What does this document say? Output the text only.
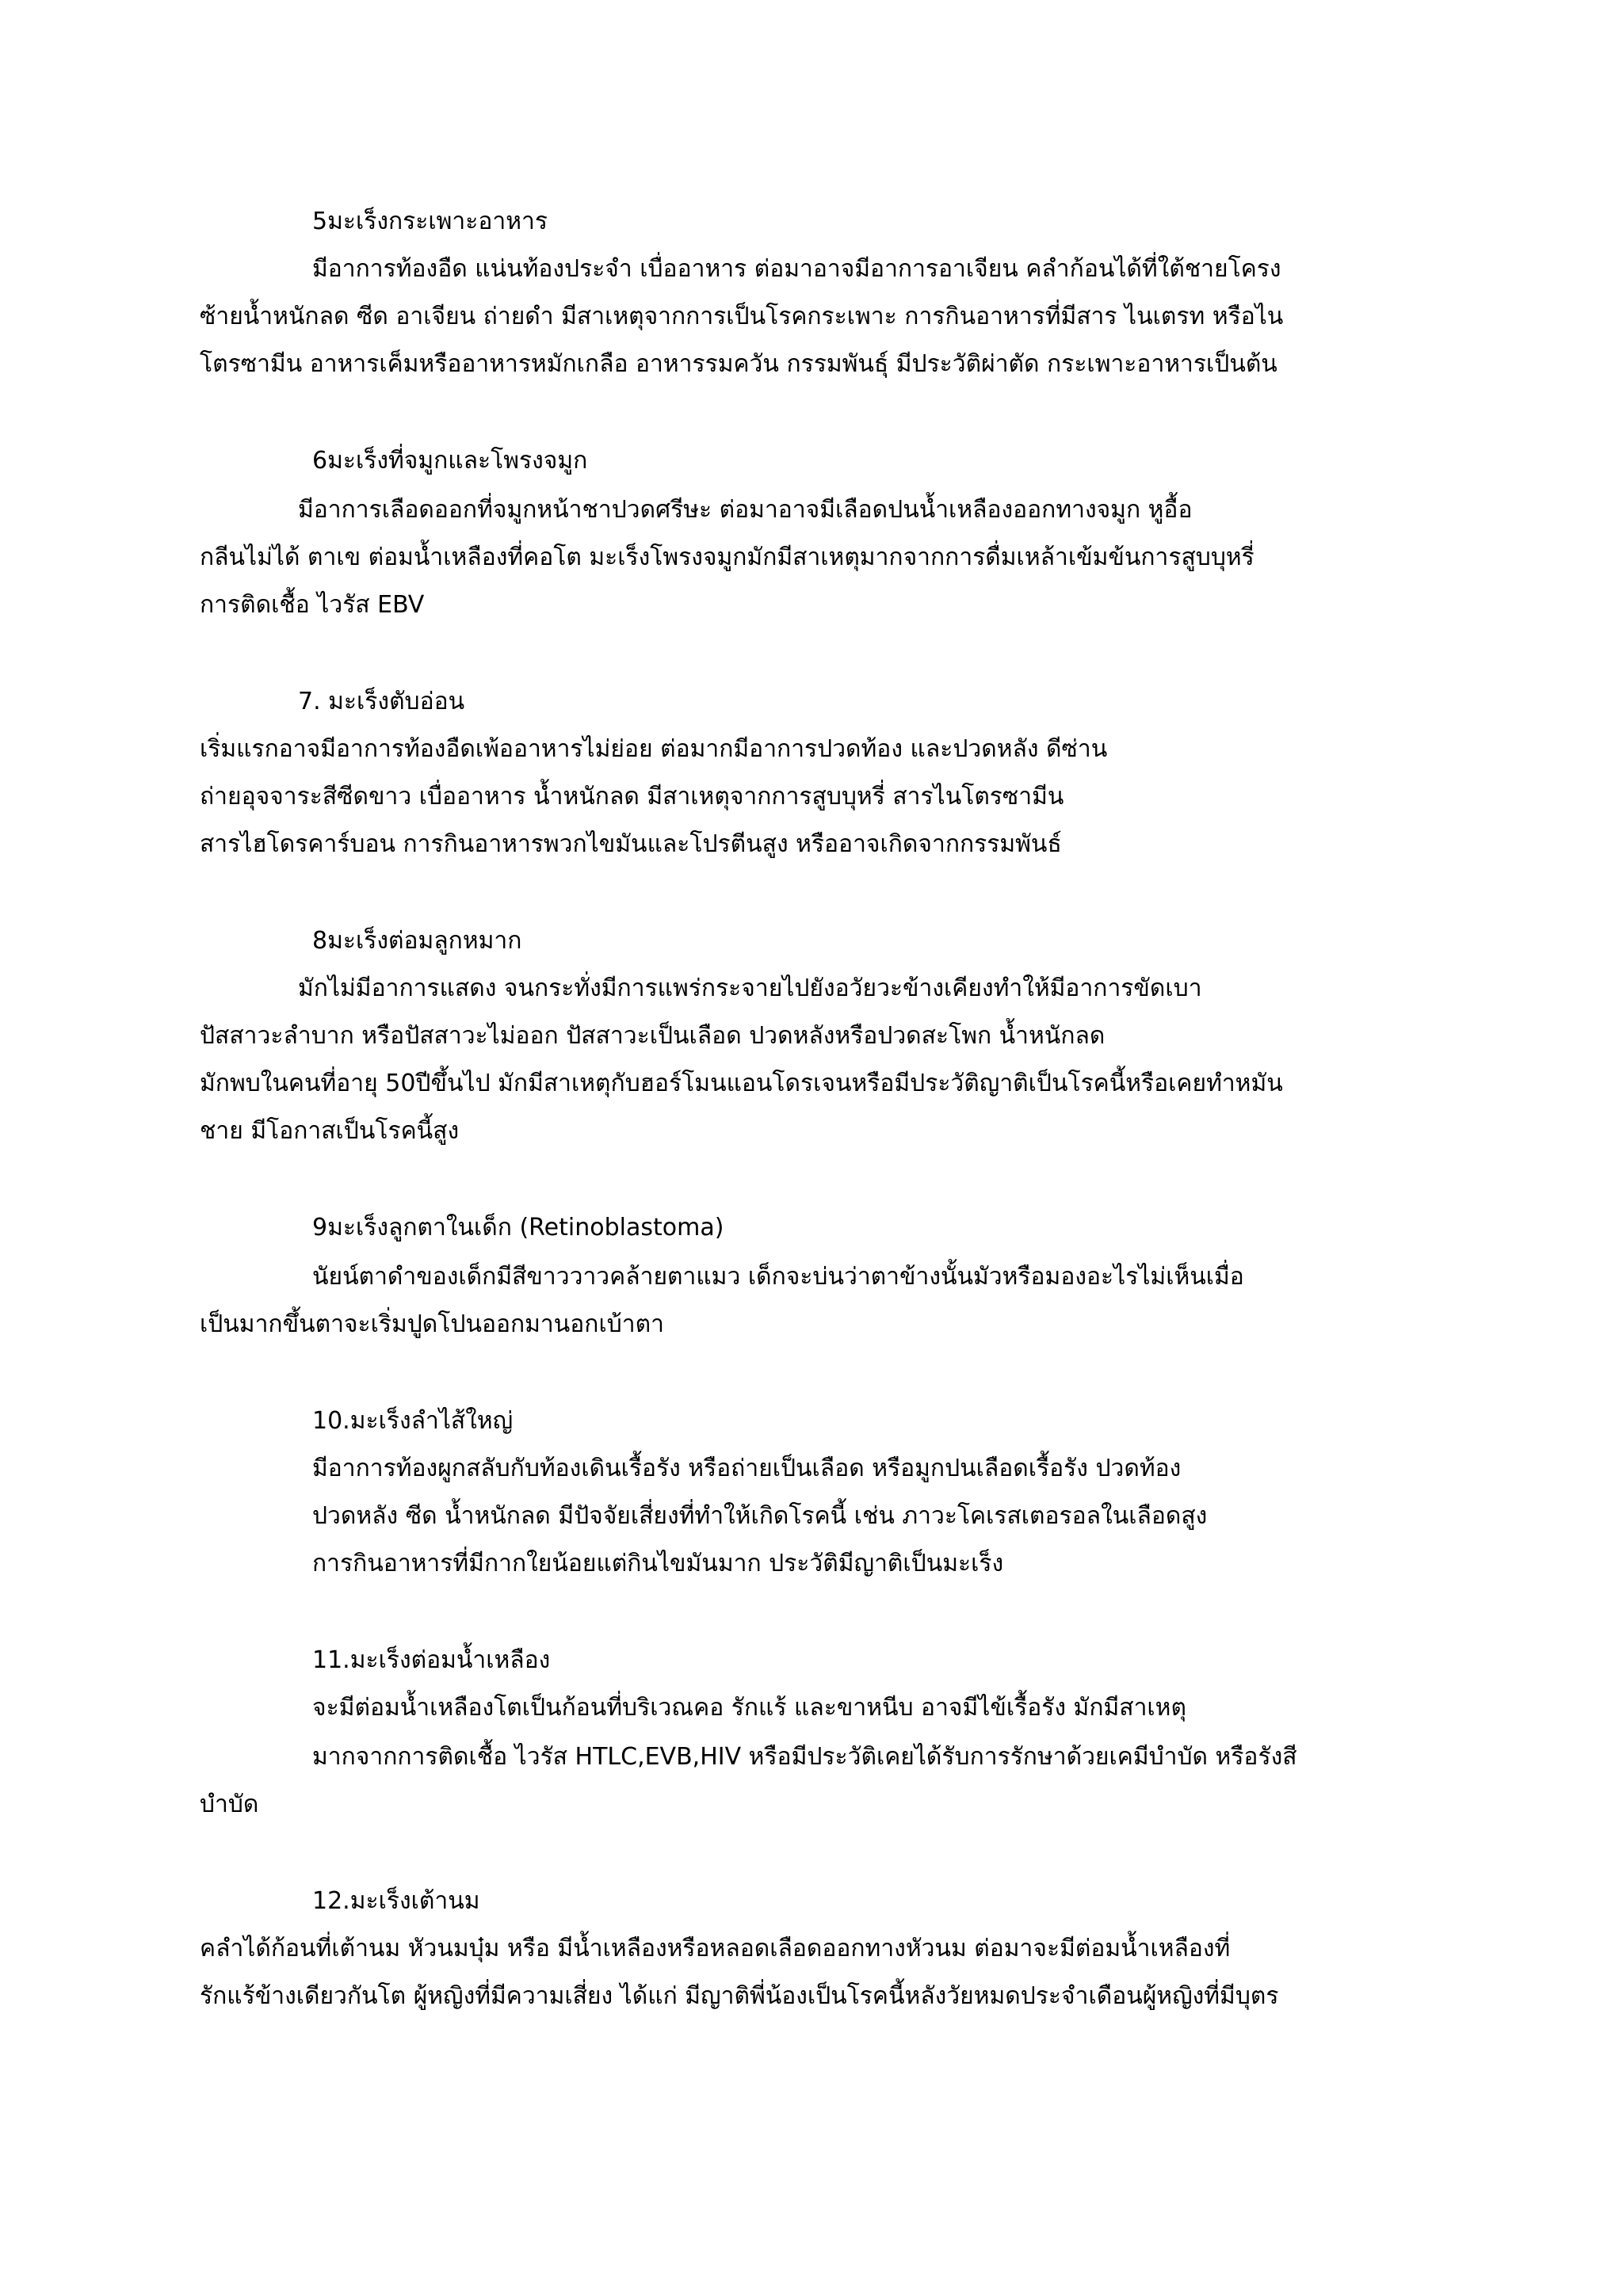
5มะเร็งกระเพาะอาหาร

มีอาการท้องอืด แน่นท้องประจำ เบื่ออาหาร ต่อมาอาจมีอาการอาเจียน คลำก้อนได้ที่ใต้ชายโครง

ซ้ายน้ำหนักลด ซีด อาเจียน ถ่ายดำ มีสาเหตุจากการเป็นโรคกระเพาะ การกินอาหารที่มีสาร ไนเตรท หรือไน

โตรซามีน อาหารเค็มหรืออาหารหมักเกลือ อาหารรมควัน กรรมพันธุ์ มีประวัติผ่าตัด กระเพาะอาหารเป็นต้น

6มะเร็งที่จมูกและโพรงจมูก

มีอาการเลือดออกที่จมูกหน้าชาปวดศรีษะ ต่อมาอาจมีเลือดปนน้ำเหลืองออกทางจมูก หูอื้อ

กลีนไม่ได้ ตาเข ต่อมน้ำเหลืองที่คอโต มะเร็งโพรงจมูกมักมีสาเหตุมากจากการดื่มเหล้าเข้มข้นการสูบบุหรี่

การติดเชื้อ ไวรัส EBV

7. มะเร็งตับอ่อน

เริ่มแรกอาจมีอาการท้องอืดเพ้ออาหารไม่ย่อย ต่อมากมีอาการปวดท้อง และปวดหลัง ดีซ่าน

ถ่ายอุจจาระสีซีดขาว เบื่ออาหาร น้ำหนักลด มีสาเหตุจากการสูบบุหรี่ สารไนโตรซามีน

สารไฮโดรคาร์บอน การกินอาหารพวกไขมันและโปรตีนสูง หรืออาจเกิดจากกรรมพันธ์

8มะเร็งต่อมลูกหมาก

มักไม่มีอาการแสดง จนกระทั่งมีการแพร่กระจายไปยังอวัยวะข้างเคียงทำให้มีอาการขัดเบา

ปัสสาวะลำบาก หรือปัสสาวะไม่ออก ปัสสาวะเป็นเลือด ปวดหลังหรือปวดสะโพก น้ำหนักลด

มักพบในคนที่อายุ 50ปีขึ้นไป มักมีสาเหตุกับฮอร์โมนแอนโดรเจนหรือมีประวัติญาติเป็นโรคนี้หรือเคยทำหมัน

ชาย มีโอกาสเป็นโรคนี้สูง

9มะเร็งลูกตาในเด็ก (Retinoblastoma)

นัยน์ตาดำของเด็กมีสีขาววาวคล้ายตาแมว เด็กจะบ่นว่าตาข้างนั้นมัวหรือมองอะไรไม่เห็นเมื่อ

เป็นมากขึ้นตาจะเริ่มปูดโปนออกมานอกเบ้าตา

10.มะเร็งลำไส้ใหญ่

มีอาการท้องผูกสลับกับท้องเดินเรื้อรัง หรือถ่ายเป็นเลือด หรือมูกปนเลือดเรื้อรัง ปวดท้อง

ปวดหลัง ซีด น้ำหนักลด มีปัจจัยเสี่ยงที่ทำให้เกิดโรคนี้ เช่น ภาวะโคเรสเตอรอลในเลือดสูง

การกินอาหารที่มีกากใยน้อยแต่กินไขมันมาก ประวัติมีญาติเป็นมะเร็ง

11.มะเร็งต่อมน้ำเหลือง

จะมีต่อมน้ำเหลืองโตเป็นก้อนที่บริเวณคอ รักแร้ และขาหนีบ อาจมีไข้เรื้อรัง มักมีสาเหตุ

มากจากการติดเชื้อ ไวรัส HTLC,EVB,HIV หรือมีประวัติเคยได้รับการรักษาด้วยเคมีบำบัด หรือรังสี

บำบัด

12.มะเร็งเต้านม

คลำได้ก้อนที่เต้านม หัวนมบุ๋ม หรือ มีน้ำเหลืองหรือหลอดเลือดออกทางหัวนม ต่อมาจะมีต่อมน้ำเหลืองที่

รักแร้ข้างเดียวกันโต ผู้หญิงที่มีความเสี่ยง ได้แก่ มีญาติพี่น้องเป็นโรคนี้หลังวัยหมดประจำเดือนผู้หญิงที่มีบุตร
